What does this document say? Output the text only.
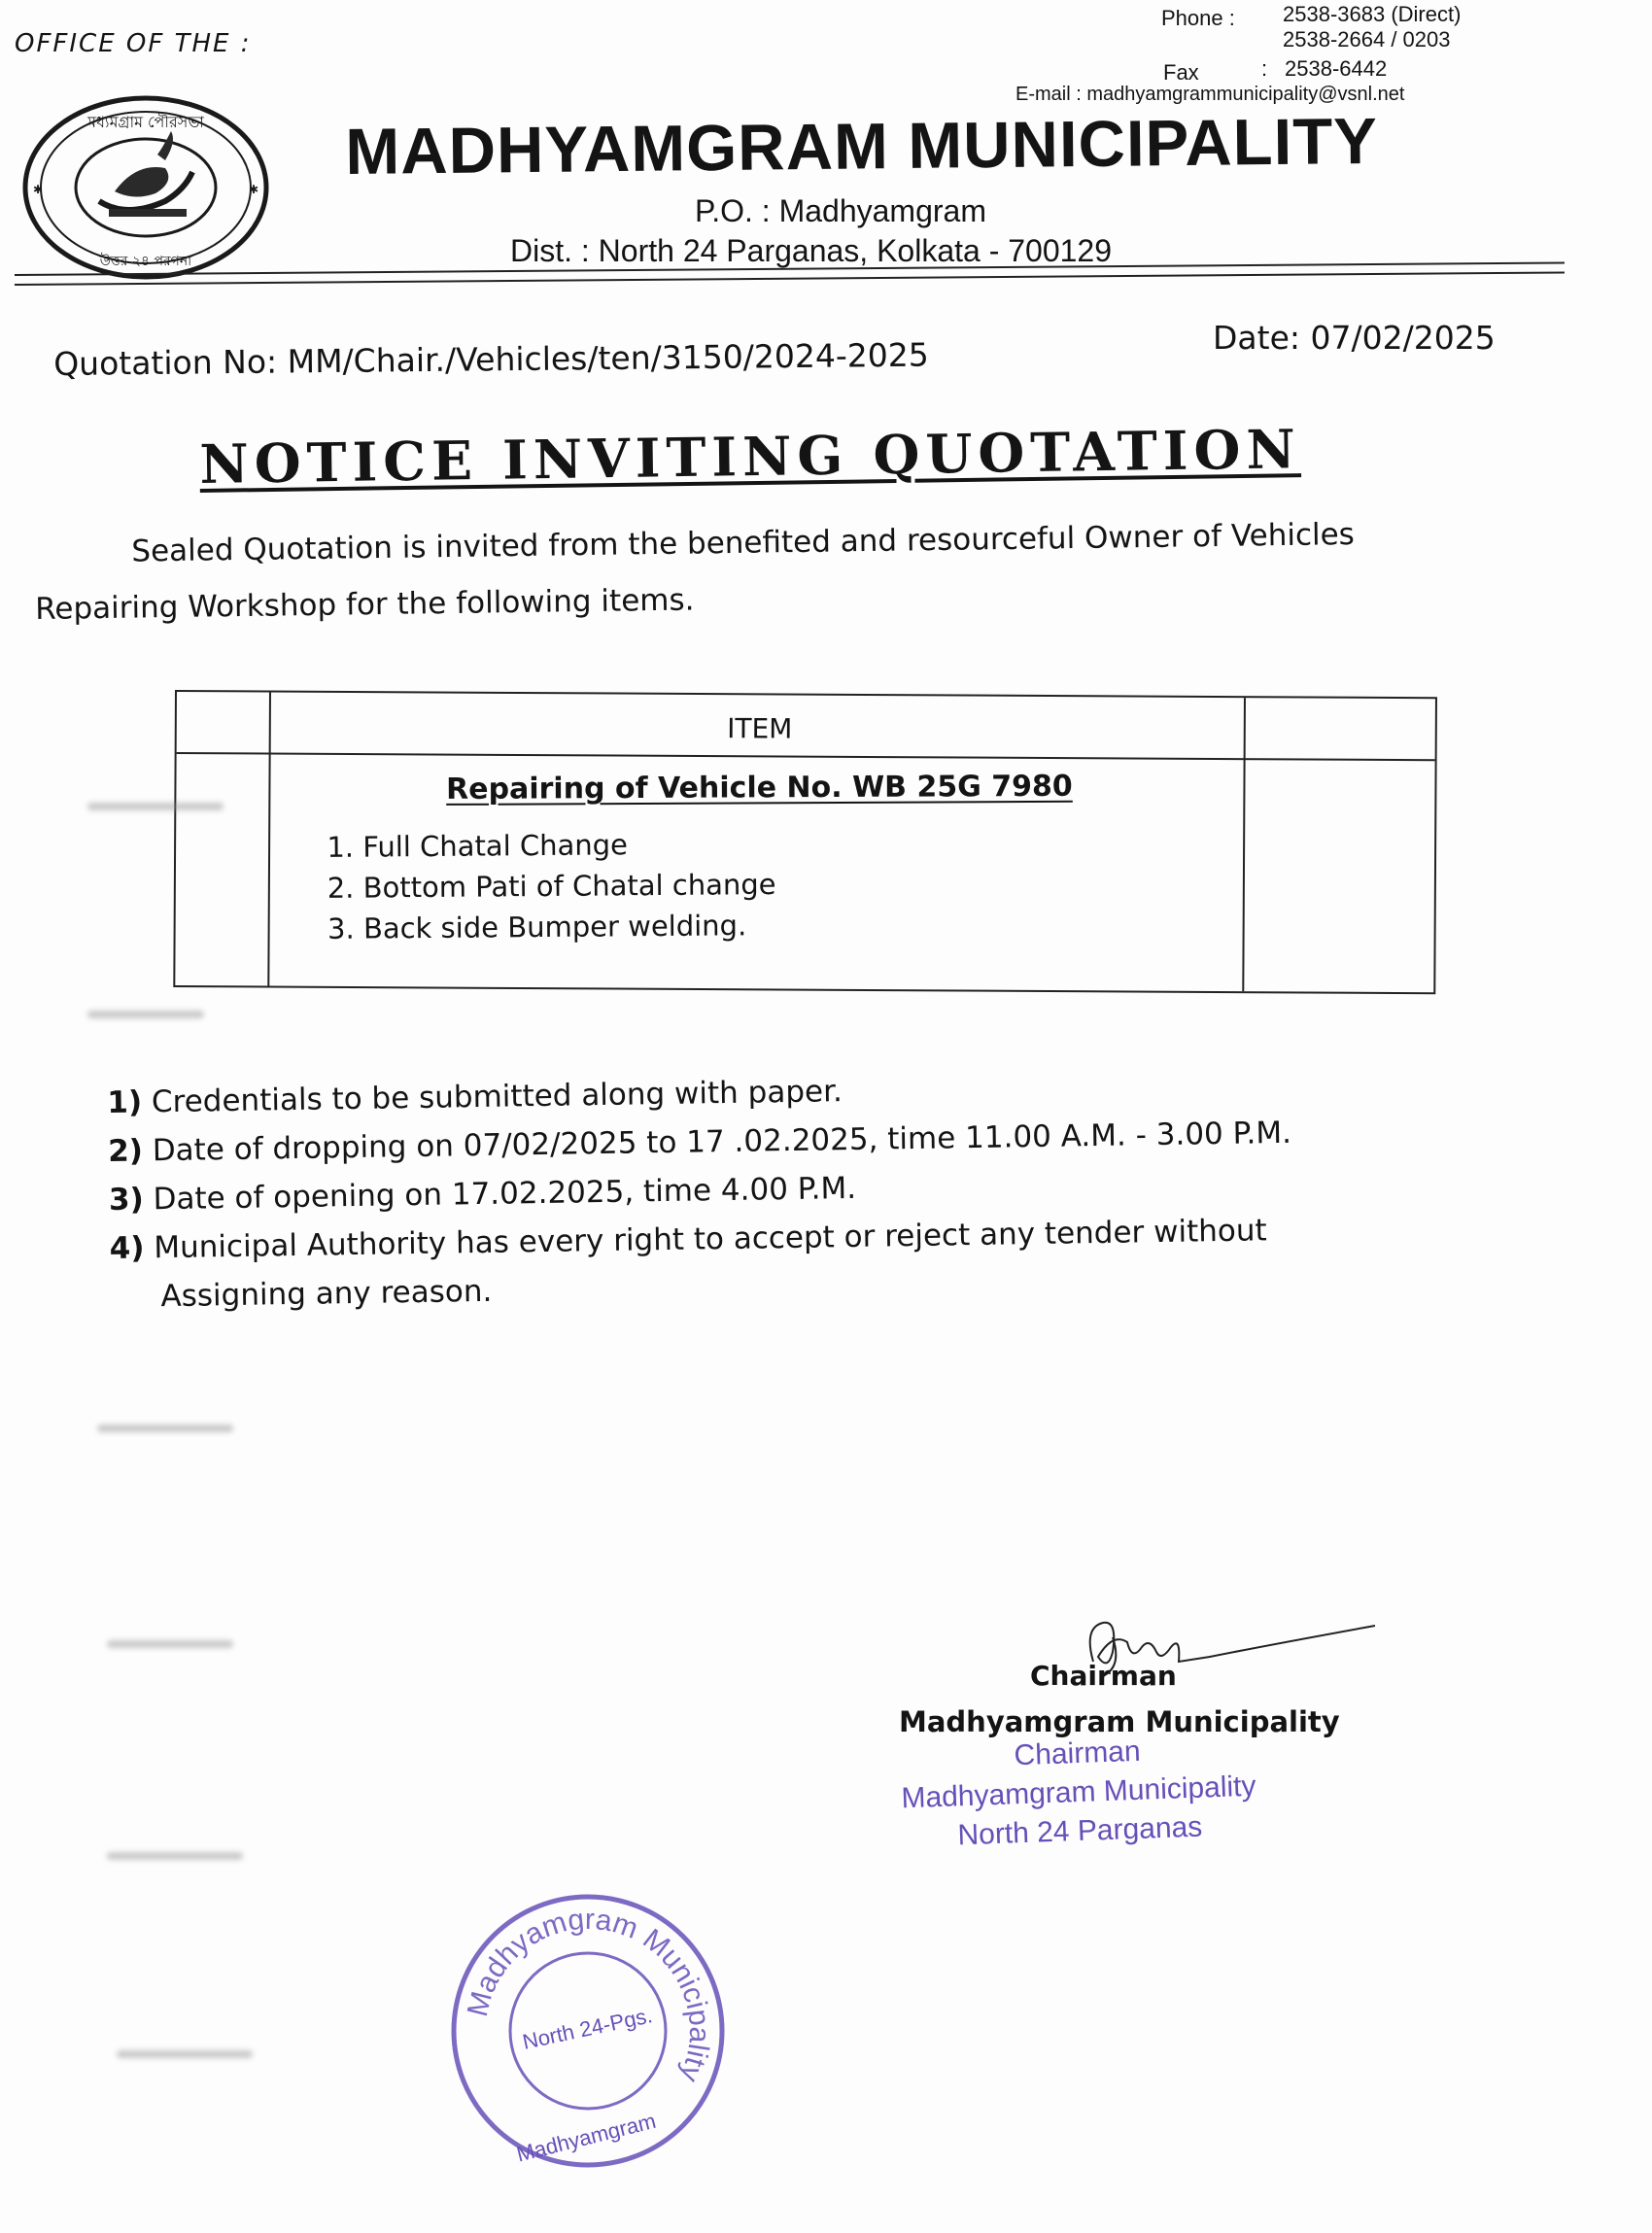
OFFICE OF THE :
Phone : 2538-3683 (Direct)
2538-2664 / 0203
Fax	: 2538-6442
E-mail : madhyamgrammunicipality@vsnl.net
মধ্যমগ্রাম পৌরসভা
উত্তর ২৪ পরগনা
✱	✱
MADHYAMGRAM MUNICIPALITY
P.O. : Madhyamgram
Dist. : North 24 Parganas, Kolkata - 700129
Quotation No: MM/Chair./Vehicles/ten/3150/2024-2025	Date: 07/02/2025
NOTICE INVITING QUOTATION
Sealed Quotation is invited from the benefited and resourceful Owner of Vehicles
Repairing Workshop for the following items.
ITEM
Repairing of Vehicle No. WB 25G 7980
1. Full Chatal Change
2. Bottom Pati of Chatal change
3. Back side Bumper welding.
1) Credentials to be submitted along with paper.
2) Date of dropping on 07/02/2025 to 17 .02.2025, time 11.00 A.M. - 3.00 P.M.
3) Date of opening on 17.02.2025, time 4.00 P.M.
4) Municipal Authority has every right to accept or reject any tender without
Assigning any reason.
Chairman
Madhyamgram Municipality
Chairman
Madhyamgram Municipality
North 24 Parganas
Madhyamgram Municipality
North 24-Pgs.
Madhyamgram
